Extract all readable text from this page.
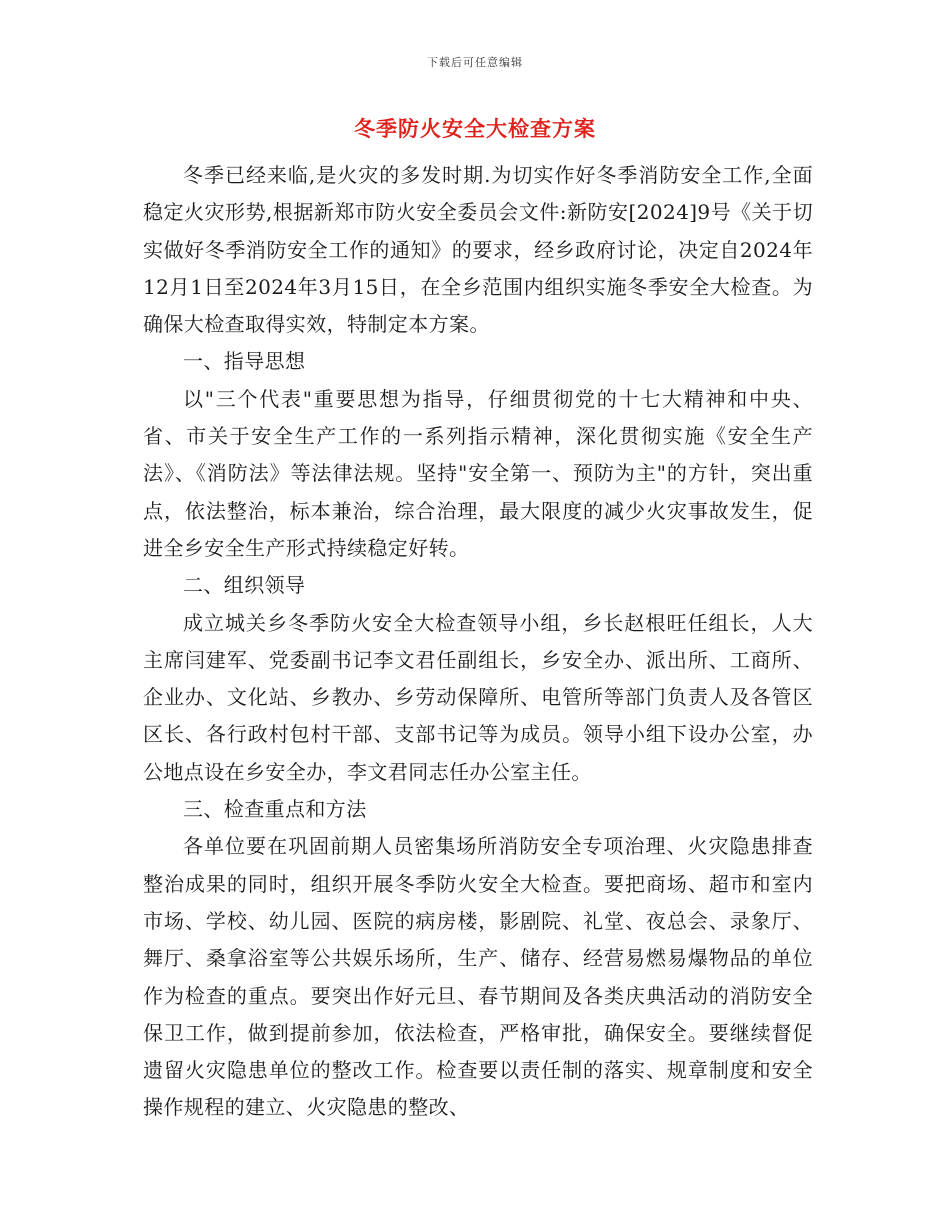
下载后可任意编辑
冬季防火安全大检查方案

冬季已经来临,是火灾的多发时期.为切实作好冬季消防安全工作,全面稳定火灾形势,根据新郑市防火安全委员会文件:新防安[2024]9号《关于切实做好冬季消防安全工作的通知》的要求，经乡政府讨论，决定自2024年12月1日至2024年3月15日，在全乡范围内组织实施冬季安全大检查。为确保大检查取得实效，特制定本方案。

一、指导思想

以"三个代表"重要思想为指导，仔细贯彻党的十七大精神和中央、省、市关于安全生产工作的一系列指示精神，深化贯彻实施《安全生产法》、《消防法》等法律法规。坚持"安全第一、预防为主"的方针，突出重点，依法整治，标本兼治，综合治理，最大限度的减少火灾事故发生，促进全乡安全生产形式持续稳定好转。

二、组织领导

成立城关乡冬季防火安全大检查领导小组，乡长赵根旺任组长，人大主席闫建军、党委副书记李文君任副组长，乡安全办、派出所、工商所、企业办、文化站、乡教办、乡劳动保障所、电管所等部门负责人及各管区区长、各行政村包村干部、支部书记等为成员。领导小组下设办公室，办公地点设在乡安全办，李文君同志任办公室主任。

三、检查重点和方法

各单位要在巩固前期人员密集场所消防安全专项治理、火灾隐患排查整治成果的同时，组织开展冬季防火安全大检查。要把商场、超市和室内市场、学校、幼儿园、医院的病房楼，影剧院、礼堂、夜总会、录象厅、舞厅、桑拿浴室等公共娱乐场所，生产、储存、经营易燃易爆物品的单位作为检查的重点。要突出作好元旦、春节期间及各类庆典活动的消防安全保卫工作，做到提前参加，依法检查，严格审批，确保安全。要继续督促遗留火灾隐患单位的整改工作。检查要以责任制的落实、规章制度和安全操作规程的建立、火灾隐患的整改、
